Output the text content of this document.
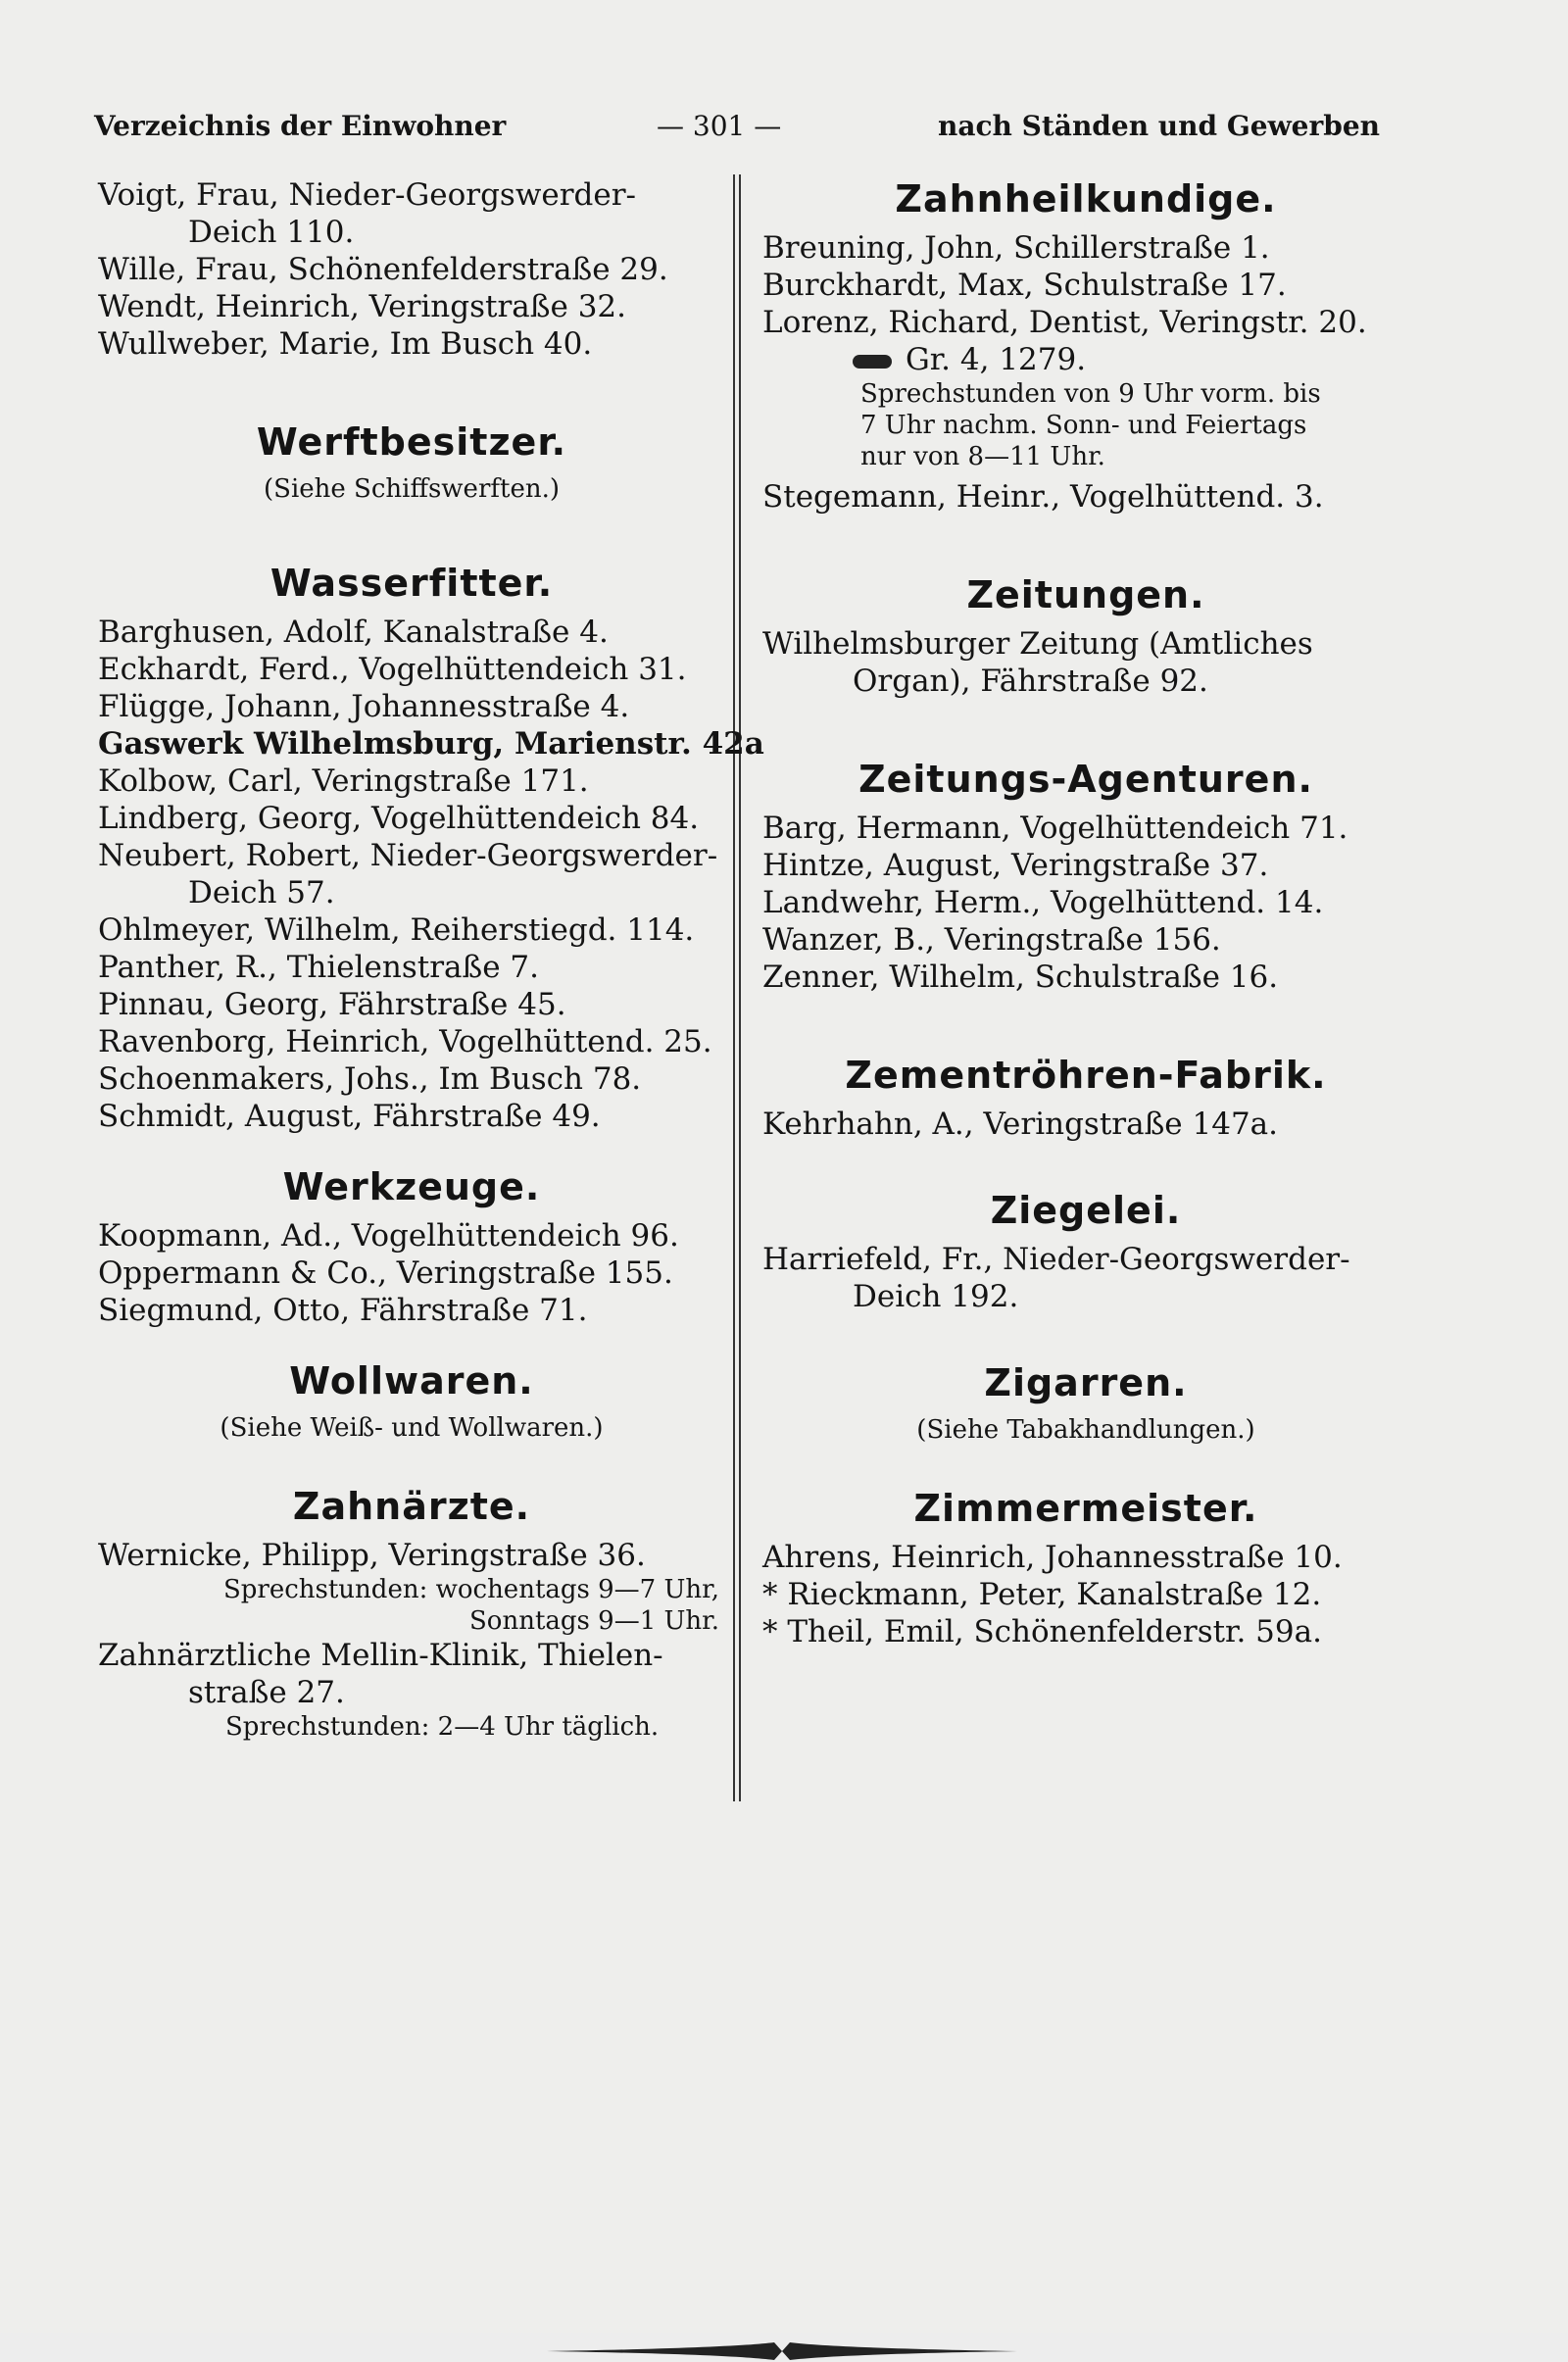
Verzeichnis der Einwohner	— 301 —	nach Ständen und Gewerben
Voigt, Frau, Nieder-Georgswerder-
Deich 110.
Wille, Frau, Schönenfelderstraße 29.
Wendt, Heinrich, Veringstraße 32.
Wullweber, Marie, Im Busch 40.
Werftbesitzer.
(Siehe Schiffswerften.)
Wasserfitter.
Barghusen, Adolf, Kanalstraße 4.
Eckhardt, Ferd., Vogelhüttendeich 31.
Flügge, Johann, Johannesstraße 4.
Gaswerk Wilhelmsburg, Marienstr. 42a
Kolbow, Carl, Veringstraße 171.
Lindberg, Georg, Vogelhüttendeich 84.
Neubert, Robert, Nieder-Georgswerder-
Deich 57.
Ohlmeyer, Wilhelm, Reiherstiegd. 114.
Panther, R., Thielenstraße 7.
Pinnau, Georg, Fährstraße 45.
Ravenborg, Heinrich, Vogelhüttend. 25.
Schoenmakers, Johs., Im Busch 78.
Schmidt, August, Fährstraße 49.
Werkzeuge.
Koopmann, Ad., Vogelhüttendeich 96.
Oppermann & Co., Veringstraße 155.
Siegmund, Otto, Fährstraße 71.
Wollwaren.
(Siehe Weiß- und Wollwaren.)
Zahnärzte.
Wernicke, Philipp, Veringstraße 36.
Sprechstunden: wochentags 9—7 Uhr,
Sonntags 9—1 Uhr.
Zahnärztliche Mellin-Klinik, Thielen-
straße 27.
Sprechstunden: 2—4 Uhr täglich.
Zahnheilkundige.
Breuning, John, Schillerstraße 1.
Burckhardt, Max, Schulstraße 17.
Lorenz, Richard, Dentist, Veringstr. 20.
Gr. 4, 1279.
Sprechstunden von 9 Uhr vorm. bis
7 Uhr nachm. Sonn- und Feiertags
nur von 8—11 Uhr.
Stegemann, Heinr., Vogelhüttend. 3.
Zeitungen.
Wilhelmsburger Zeitung (Amtliches
Organ), Fährstraße 92.
Zeitungs-Agenturen.
Barg, Hermann, Vogelhüttendeich 71.
Hintze, August, Veringstraße 37.
Landwehr, Herm., Vogelhüttend. 14.
Wanzer, B., Veringstraße 156.
Zenner, Wilhelm, Schulstraße 16.
Zementröhren-Fabrik.
Kehrhahn, A., Veringstraße 147a.
Ziegelei.
Harriefeld, Fr., Nieder-Georgswerder-
Deich 192.
Zigarren.
(Siehe Tabakhandlungen.)
Zimmermeister.
Ahrens, Heinrich, Johannesstraße 10.
* Rieckmann, Peter, Kanalstraße 12.
* Theil, Emil, Schönenfelderstr. 59a.
